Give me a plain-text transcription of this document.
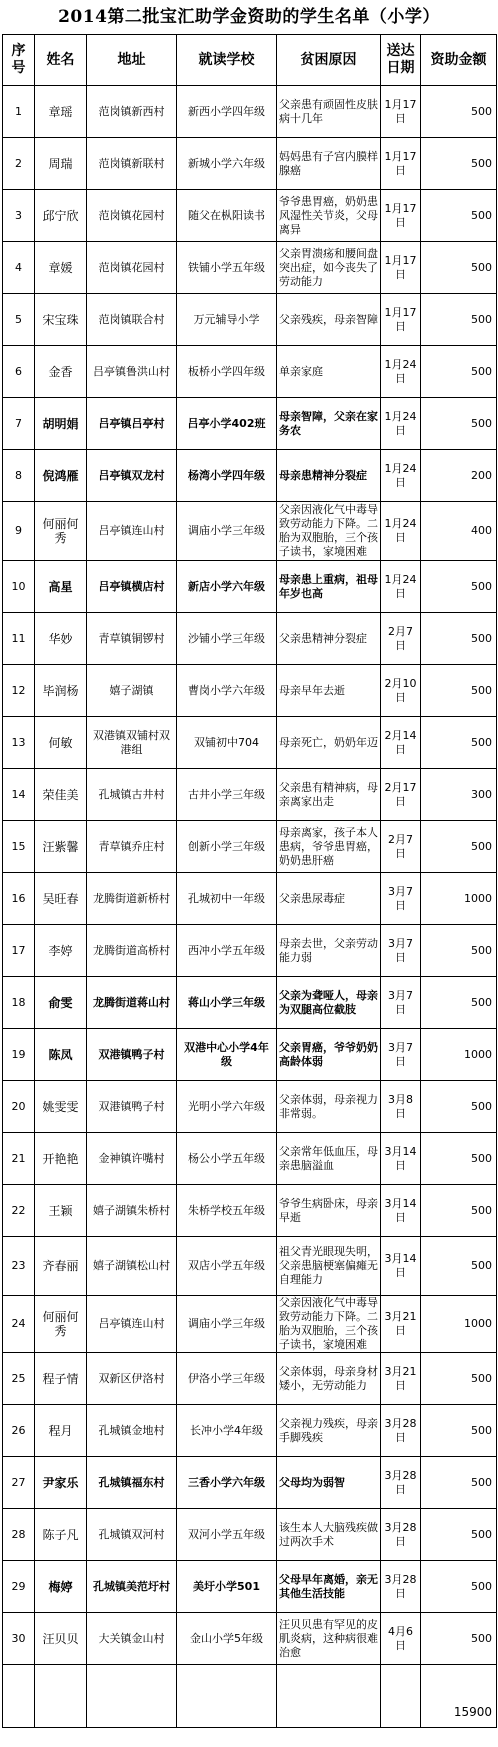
2014第二批宝汇助学金资助的学生名单（小学）
序号	姓名	地址	就读学校	贫困原因	送达日期	资助金额
1	章瑶	范岗镇新西村	新西小学四年级	父亲患有顽固性皮肤病十几年	1月17日	500
2	周瑞	范岗镇新联村	新城小学六年级	妈妈患有子宫内膜样腺癌	1月17日	500
3	邱宁欣	范岗镇花园村	随父在枞阳读书	爷爷患胃癌，奶奶患风湿性关节炎，父母离异	1月17日	500
4	章媛	范岗镇花园村	铁铺小学五年级	父亲胃溃疡和腰间盘突出症，如今丧失了劳动能力	1月17日	500
5	宋宝珠	范岗镇联合村	万元辅导小学	父亲残疾，母亲智障	1月17日	500
6	金香	吕亭镇鲁洪山村	板桥小学四年级	单亲家庭	1月24日	500
7	胡明娟	吕亭镇吕亭村	吕亭小学402班	母亲智障，父亲在家务农	1月24日	500
8	倪鸿雁	吕亭镇双龙村	杨湾小学四年级	母亲患精神分裂症	1月24日	200
9	何丽何秀	吕亭镇连山村	调庙小学三年级	父亲因液化气中毒导致劳动能力下降。二胎为双胞胎，三个孩子读书，家境困难	1月24日	400
10	高星	吕亭镇横店村	新店小学六年级	母亲患上重病，祖母年岁也高	1月24日	500
11	华妙	青草镇铜锣村	沙铺小学三年级	父亲患精神分裂症	2月7日	500
12	毕润杨	嬉子湖镇	曹岗小学六年级	母亲早年去逝	2月10日	500
13	何敏	双港镇双铺村双港组	双铺初中704	母亲死亡，奶奶年迈	2月14日	500
14	荣佳美	孔城镇古井村	古井小学三年级	父亲患有精神病，母亲离家出走	2月17日	300
15	汪紫馨	青草镇乔庄村	创新小学三年级	母亲离家，孩子本人患病，爷爷患胃癌，奶奶患肝癌	2月7日	500
16	吴旺春	龙腾街道新桥村	孔城初中一年级	父亲患尿毒症	3月7日	1000
17	李婷	龙腾街道高桥村	西冲小学五年级	母亲去世，父亲劳动能力弱	3月7日	500
18	俞雯	龙腾街道蒋山村	蒋山小学三年级	父亲为聋哑人，母亲为双腿高位截肢	3月7日	500
19	陈凤	双港镇鸭子村	双港中心小学4年级	父亲胃癌，爷爷奶奶高龄体弱	3月7日	1000
20	姚雯雯	双港镇鸭子村	光明小学六年级	父亲体弱，母亲视力非常弱。	3月8日	500
21	开艳艳	金神镇许嘴村	杨公小学五年级	父亲常年低血压，母亲患脑溢血	3月14日	500
22	王颖	嬉子湖镇朱桥村	朱桥学校五年级	爷爷生病卧床，母亲早逝	3月14日	500
23	齐春丽	嬉子湖镇松山村	双店小学五年级	祖父青光眼现失明，父亲患脑梗塞偏瘫无自理能力	3月14日	500
24	何丽何秀	吕亭镇连山村	调庙小学三年级	父亲因液化气中毒导致劳动能力下降。二胎为双胞胎，三个孩子读书，家境困难	3月21日	1000
25	程子情	双新区伊洛村	伊洛小学三年级	父亲体弱，母亲身材矮小，无劳动能力	3月21日	500
26	程月	孔城镇金地村	长冲小学4年级	父亲视力残疾，母亲手脚残疾	3月28日	500
27	尹家乐	孔城镇福东村	三香小学六年级	父母均为弱智	3月28日	500
28	陈子凡	孔城镇双河村	双河小学五年级	该生本人大脑残疾做过两次手术	3月28日	500
29	梅婷	孔城镇美范圩村	美圩小学501	父母早年离婚，亲无其他生活技能	3月28日	500
30	汪贝贝	大关镇金山村	金山小学5年级	汪贝贝患有罕见的皮肌炎病，这种病很难治愈	4月6日	500
						15900
